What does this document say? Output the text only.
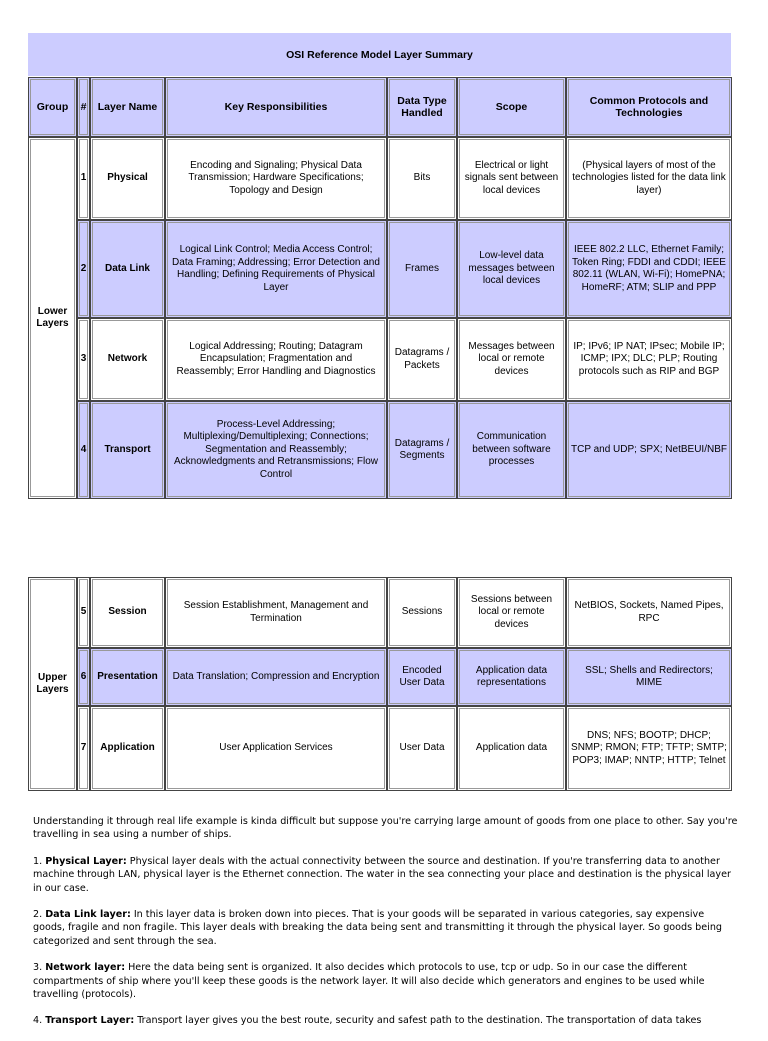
OSI Reference Model Layer Summary
Group	#	Layer Name	Key Responsibilities	Data Type Handled	Scope	Common Protocols and Technologies
Lower Layers	1	Physical	Encoding and Signaling; Physical Data Transmission; Hardware Specifications; Topology and Design	Bits	Electrical or light signals sent between local devices	(Physical layers of most of the technologies listed for the data link layer)
	2	Data Link	Logical Link Control; Media Access Control; Data Framing; Addressing; Error Detection and Handling; Defining Requirements of Physical Layer	Frames	Low-level data messages between local devices	IEEE 802.2 LLC, Ethernet Family; Token Ring; FDDI and CDDI; IEEE 802.11 (WLAN, Wi-Fi); HomePNA; HomeRF; ATM; SLIP and PPP
	3	Network	Logical Addressing; Routing; Datagram Encapsulation; Fragmentation and Reassembly; Error Handling and Diagnostics	Datagrams / Packets	Messages between local or remote devices	IP; IPv6; IP NAT; IPsec; Mobile IP; ICMP; IPX; DLC; PLP; Routing protocols such as RIP and BGP
	4	Transport	Process-Level Addressing; Multiplexing/Demultiplexing; Connections; Segmentation and Reassembly; Acknowledgments and Retransmissions; Flow Control	Datagrams / Segments	Communication between software processes	TCP and UDP; SPX; NetBEUI/NBF
Upper Layers	5	Session	Session Establishment, Management and Termination	Sessions	Sessions between local or remote devices	NetBIOS, Sockets, Named Pipes, RPC
	6	Presentation	Data Translation; Compression and Encryption	Encoded User Data	Application data representations	SSL; Shells and Redirectors; MIME
	7	Application	User Application Services	User Data	Application data	DNS; NFS; BOOTP; DHCP; SNMP; RMON; FTP; TFTP; SMTP; POP3; IMAP; NNTP; HTTP; Telnet

Understanding it through real life example is kinda difficult but suppose you're carrying large amount of goods from one place to other. Say you're travelling in sea using a number of ships.

1. Physical Layer: Physical layer deals with the actual connectivity between the source and destination. If you're transferring data to another machine through LAN, physical layer is the Ethernet connection. The water in the sea connecting your place and destination is the physical layer in our case.

2. Data Link layer: In this layer data is broken down into pieces. That is your goods will be separated in various categories, say expensive goods, fragile and non fragile. This layer deals with breaking the data being sent and transmitting it through the physical layer. So goods being categorized and sent through the sea.

3. Network layer: Here the data being sent is organized. It also decides which protocols to use, tcp or udp. So in our case the different compartments of ship where you'll keep these goods is the network layer. It will also decide which generators and engines to be used while travelling (protocols).

4. Transport Layer: Transport layer gives you the best route, security and safest path to the destination. The transportation of data takes
